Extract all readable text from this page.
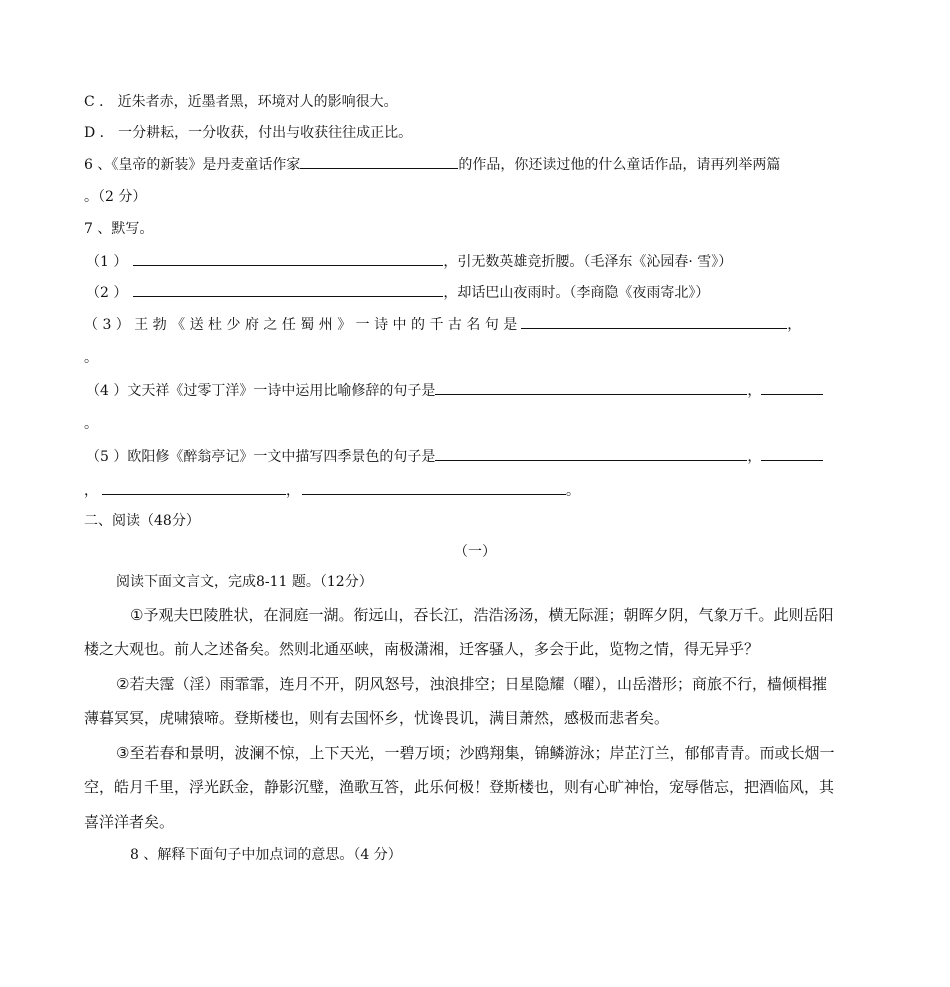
C ． 近朱者赤，近墨者黑，环境对人的影响很大。
D ． 一分耕耘，一分收获，付出与收获往往成正比。
6 、《皇帝的新装》是丹麦童话作家	的作品，你还读过他的什么童话作品，请再列举两篇
。（2 分）
7 、默写。
（1 ）	，引无数英雄竞折腰。（毛泽东《沁园春· 雪》）
（2 ）	，却话巴山夜雨时。（李商隐《夜雨寄北》）
（ 3 ） 王 勃 《 送 杜 少 府 之 任 蜀 州 》 一 诗 中 的 千 古 名 句 是	，
。
（4 ）文天祥《过零丁洋》一诗中运用比喻修辞的句子是	，
。
（5 ）欧阳修《醉翁亭记》一文中描写四季景色的句子是	，
，	，	。
二、阅读（48分）
（一）
阅读下面文言文，完成8-11 题。（12分）
①予观夫巴陵胜状，在洞庭一湖。衔远山，吞长江，浩浩汤汤，横无际涯；朝晖夕阴，气象万千。此则岳阳
楼之大观也。前人之述备矣。然则北通巫峡，南极潇湘，迁客骚人，多会于此，览物之情，得无异乎？
②若夫霪（淫）雨霏霏，连月不开，阴风怒号，浊浪排空；日星隐耀（曜），山岳潜形；商旅不行，樯倾楫摧
薄暮冥冥，虎啸猿啼。登斯楼也，则有去国怀乡，忧谗畏讥，满目萧然，感极而悲者矣。
③至若春和景明，波澜不惊，上下天光，一碧万顷；沙鸥翔集，锦鳞游泳；岸芷汀兰，郁郁青青。而或长烟一
空，皓月千里，浮光跃金，静影沉璧，渔歌互答，此乐何极！登斯楼也，则有心旷神怡，宠辱偕忘，把酒临风，其
喜洋洋者矣。
8 、解释下面句子中加点词的意思。（4 分）
